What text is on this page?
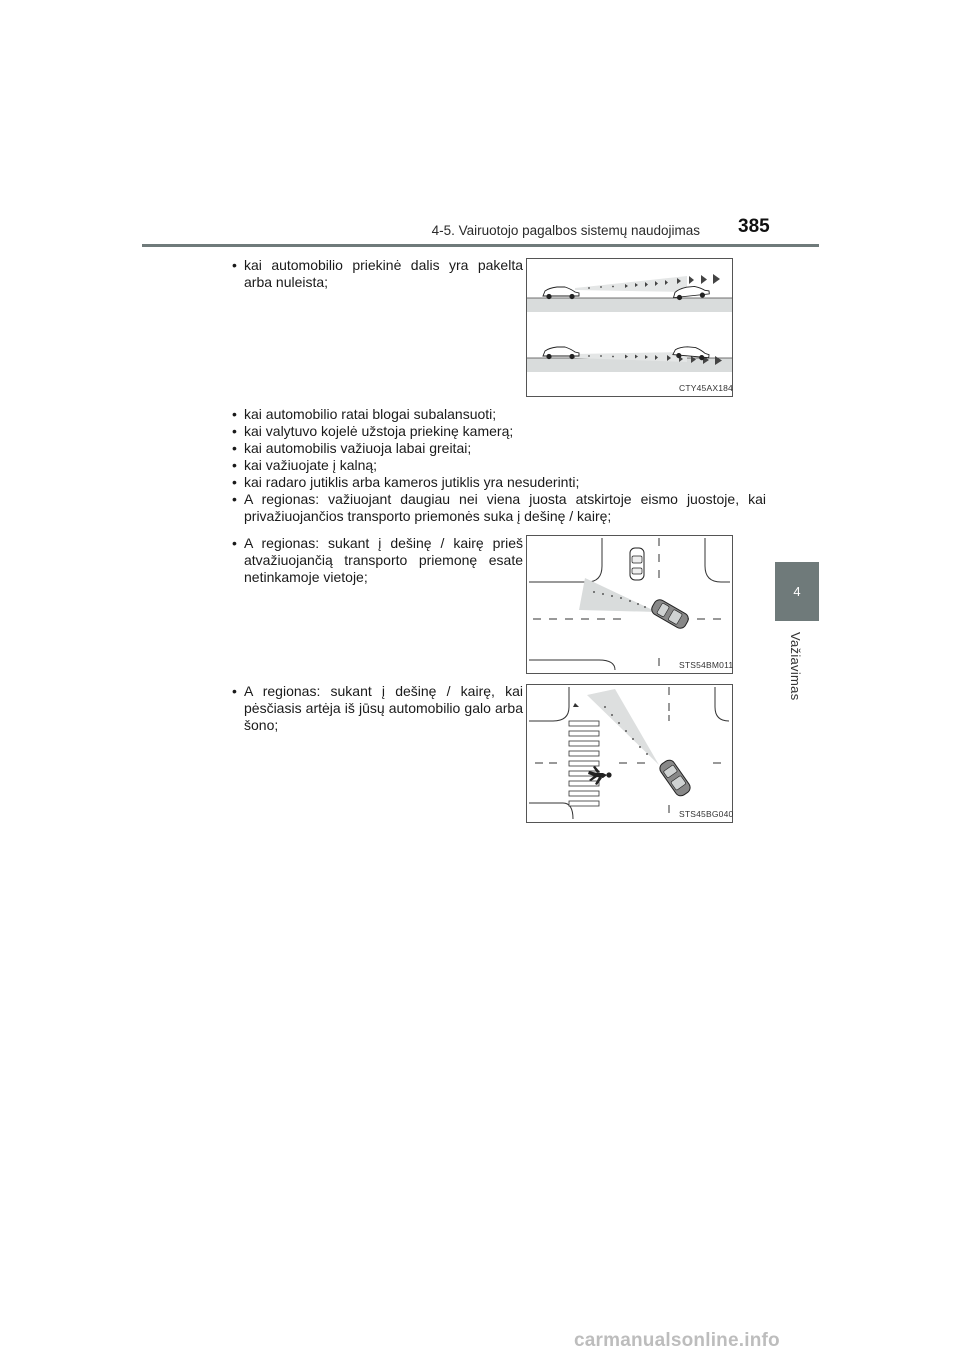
4-5. Vairuotojo pagalbos sistemų naudojimas 385
4
Važiavimas
• kai automobilio priekinė dalis yra pakelta arba nuleista;
CTY45AX184
• kai automobilio ratai blogai subalansuoti;
• kai valytuvo kojelė užstoja priekinę kamerą;
• kai automobilis važiuoja labai greitai;
• kai važiuojate į kalną;
• kai radaro jutiklis arba kameros jutiklis yra nesuderinti;
• A regionas: važiuojant daugiau nei viena juosta atskirtoje eismo juostoje, kai privažiuojančios transporto priemonės suka į dešinę / kairę;
• A regionas: sukant į dešinę / kairę prieš atvažiuojančią transporto priemonę esate netinkamoje vietoje;
STS54BM011
• A regionas: sukant į dešinę / kairę, kai pėsčiasis artėja iš jūsų automobilio galo arba šono;
STS45BG040
carmanualsonline.info
